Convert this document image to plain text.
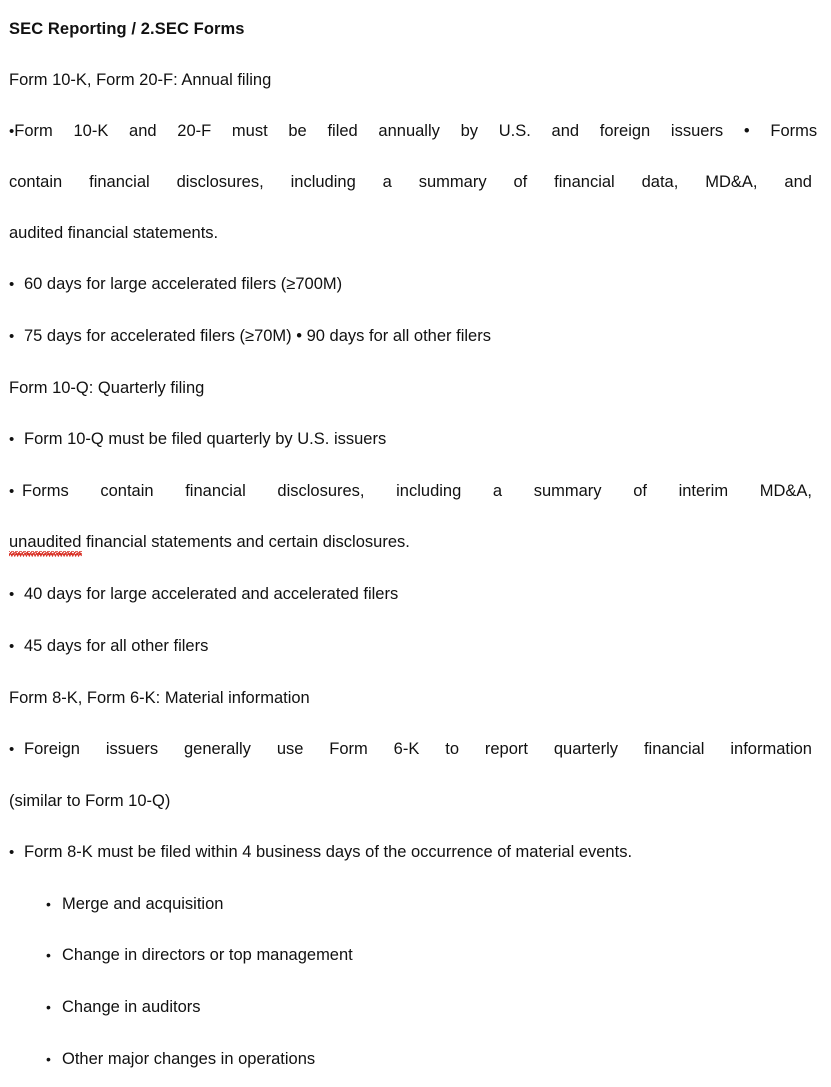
SEC Reporting / 2.SEC Forms
Form 10-K, Form 20-F: Annual filing
• Form 10-K and 20-F must be filed annually by U.S. and foreign issuers • Forms
contain financial disclosures, including a summary of financial data, MD&A, and
audited financial statements.
• 60 days for large accelerated filers (≥700M)
• 75 days for accelerated filers (≥70M) • 90 days for all other filers
Form 10-Q: Quarterly filing
• Form 10-Q must be filed quarterly by U.S. issuers
• Forms contain financial disclosures, including a summary of interim MD&A,
unaudited
financial statements and certain disclosures.
• 40 days for large accelerated and accelerated filers
• 45 days for all other filers
Form 8-K, Form 6-K: Material information
• Foreign issuers generally use Form 6-K to report quarterly financial information
(similar to Form 10-Q)
• Form 8-K must be filed within 4 business days of the occurrence of material events.
• Merge and acquisition
• Change in directors or top management
• Change in auditors
• Other major changes in operations
